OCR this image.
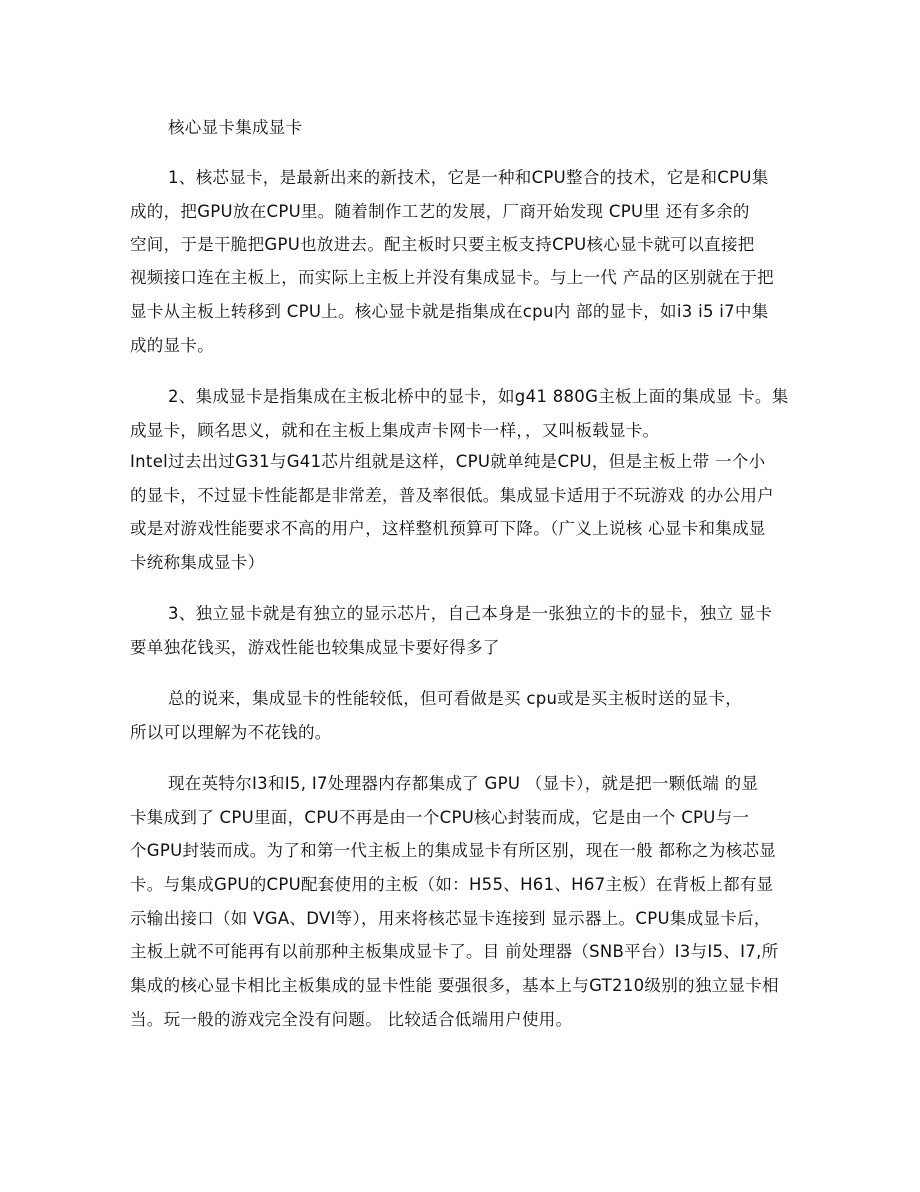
核心显卡集成显卡
1、核芯显卡，是最新出来的新技术，它是一种和CPU整合的技术，它是和CPU集
成的，把GPU放在CPU里。随着制作工艺的发展，厂商开始发现 CPU里 还有多余的
空间，于是干脆把GPU也放进去。配主板时只要主板支持CPU核心显卡就可以直接把
视频接口连在主板上，而实际上主板上并没有集成显卡。与上一代 产品的区别就在于把
显卡从主板上转移到 CPU上。核心显卡就是指集成在cpu内 部的显卡，如i3 i5 i7中集
成的显卡。
2、集成显卡是指集成在主板北桥中的显卡，如g41 880G主板上面的集成显 卡。集
成显卡，顾名思义，就和在主板上集成声卡网卡一样，，又叫板载显卡。
Intel过去出过G31与G41芯片组就是这样，CPU就单纯是CPU，但是主板上带 一个小
的显卡，不过显卡性能都是非常差，普及率很低。集成显卡适用于不玩游戏 的办公用户
或是对游戏性能要求不高的用户，这样整机预算可下降。（广义上说核 心显卡和集成显
卡统称集成显卡）
3、独立显卡就是有独立的显示芯片，自己本身是一张独立的卡的显卡，独立 显卡
要单独花钱买，游戏性能也较集成显卡要好得多了
总的说来，集成显卡的性能较低，但可看做是买 cpu或是买主板时送的显卡，
所以可以理解为不花钱的。
现在英特尔I3和I5, I7处理器内存都集成了 GPU （显卡），就是把一颗低端 的显
卡集成到了 CPU里面，CPU不再是由一个CPU核心封装而成，它是由一个 CPU与一
个GPU封装而成。为了和第一代主板上的集成显卡有所区别，现在一般 都称之为核芯显
卡。与集成GPU的CPU配套使用的主板（如：H55、H61、H67主板）在背板上都有显
示输出接口（如 VGA、DVI等），用来将核芯显卡连接到 显示器上。CPU集成显卡后，
主板上就不可能再有以前那种主板集成显卡了。目 前处理器（SNB平台）I3与I5、I7,所
集成的核心显卡相比主板集成的显卡性能 要强很多，基本上与GT210级别的独立显卡相
当。玩一般的游戏完全没有问题。 比较适合低端用户使用。
